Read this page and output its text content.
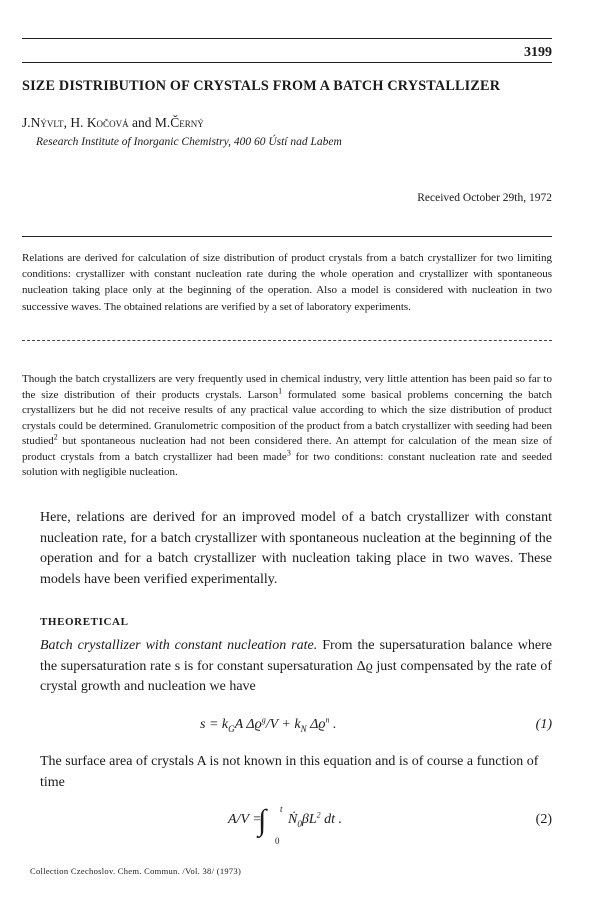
3199
SIZE DISTRIBUTION OF CRYSTALS FROM A BATCH CRYSTALLIZER
J.Nývlt, H. Kočová and M.Černý
Research Institute of Inorganic Chemistry, 400 60 Ústí nad Labem
Received October 29th, 1972

Relations are derived for calculation of size distribution of product crystals from a batch crystallizer for two limiting conditions: crystallizer with constant nucleation rate during the whole operation and crystallizer with spontaneous nucleation taking place only at the beginning of the operation. Also a model is considered with nucleation in two successive waves. The obtained relations are verified by a set of laboratory experiments.

Though the batch crystallizers are very frequently used in chemical industry, very little attention has been paid so far to the size distribution of their products crystals. Larson$^1$ formulated some basical problems concerning the batch crystallizers but he did not receive results of any practical value according to which the size distribution of product crystals could be determined. Granulometric composition of the product from a batch crystallizer with seeding had been studied$^2$ but spontaneous nucleation had not been considered there. An attempt for calculation of the mean size of product crystals from a batch crystallizer had been made$^3$ for two conditions: constant nucleation rate and seeded solution with negligible nucleation.

Here, relations are derived for an improved model of a batch crystallizer with constant nucleation rate, for a batch crystallizer with spontaneous nucleation at the beginning of the operation and for a batch crystallizer with nucleation taking place in two waves. These models have been verified experimentally.

THEORETICAL

Batch crystallizer with constant nucleation rate. From the supersaturation balance where the supersaturation rate s is for constant supersaturation Δϱ just compensated by the rate of crystal growth and nucleation we have

$s = k_GA$ $\Delta ϱ^g/V + k_N$ $\Delta ϱ^n$ .	(1)

The surface area of crystals A is not known in this equation and is of course a function of time

A/V =
∫ t
0
$Ṅ_0\beta L^2$ dt .	(2)
Collection Czechoslov. Chem. Commun. /Vol. 38/ (1973)
